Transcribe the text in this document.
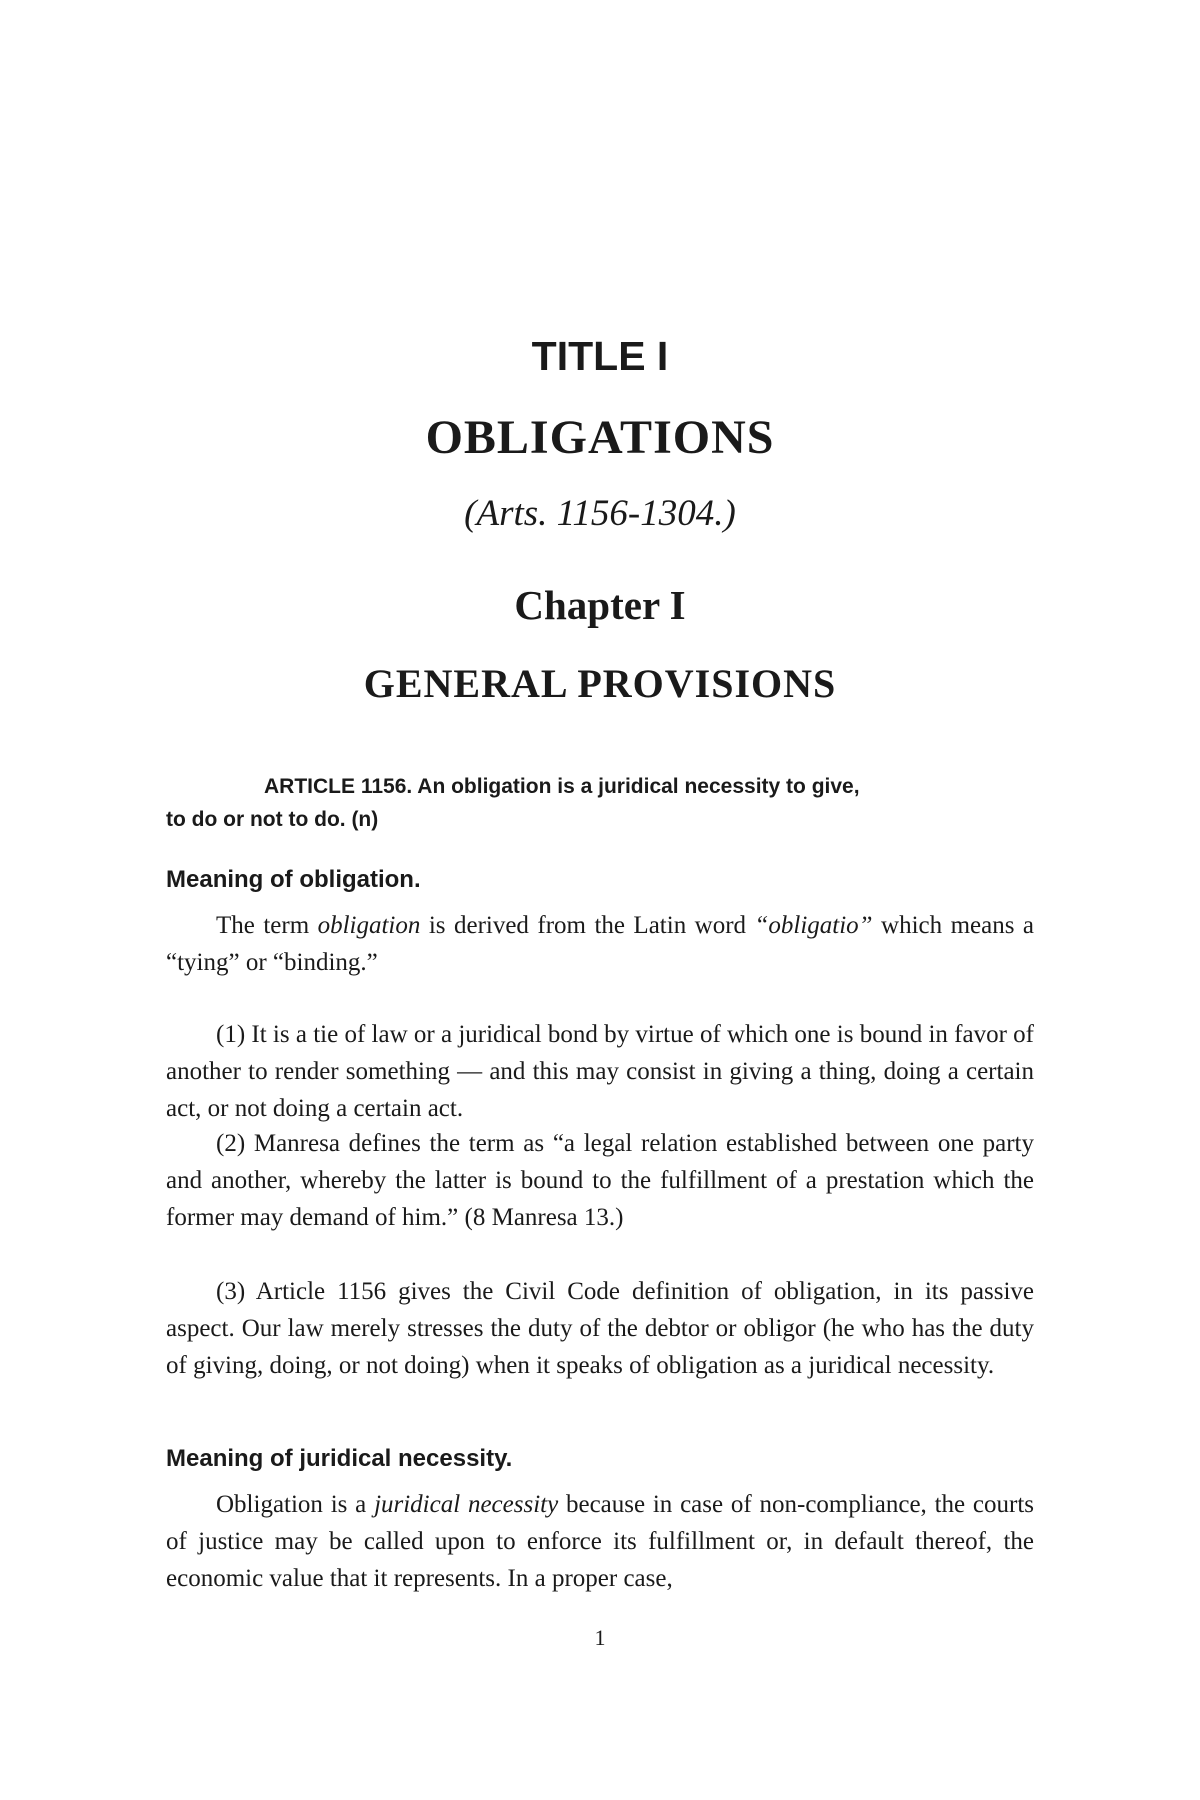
TITLE I

OBLIGATIONS

(Arts. 1156-1304.)

Chapter I

GENERAL PROVISIONS

ARTICLE 1156. An obligation is a juridical necessity to give,
to do or not to do. (n)

Meaning of obligation.

The term obligation is derived from the Latin word “obligatio” which means a “tying” or “binding.”

(1) It is a tie of law or a juridical bond by virtue of which one is bound in favor of another to render something — and this may consist in giving a thing, doing a certain act, or not doing a certain act.

(2) Manresa defines the term as “a legal relation established between one party and another, whereby the latter is bound to the fulfillment of a prestation which the former may demand of him.” (8 Manresa 13.)

(3) Article 1156 gives the Civil Code definition of obligation, in its passive aspect. Our law merely stresses the duty of the debtor or obligor (he who has the duty of giving, doing, or not doing) when it speaks of obligation as a juridical necessity.

Meaning of juridical necessity.

Obligation is a juridical necessity because in case of non-compliance, the courts of justice may be called upon to enforce its fulfillment or, in default thereof, the economic value that it represents. In a proper case,

1
